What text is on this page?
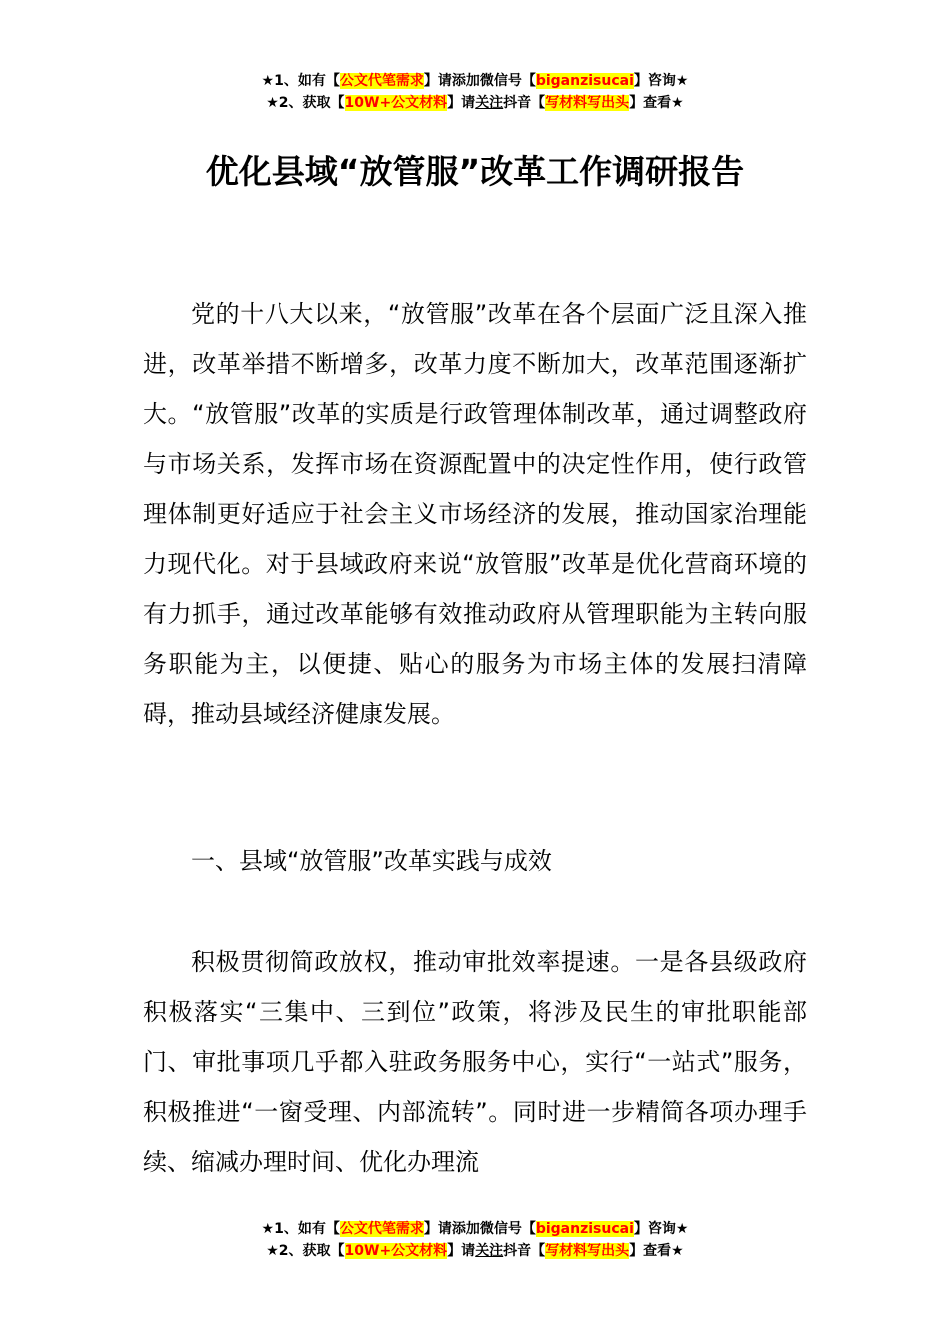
★1、如有【公文代笔需求】请添加微信号【biganzisucai】咨询★
★2、获取【10W+公文材料】请关注抖音【写材料写出头】查看★
优化县域“放管服”改革工作调研报告

党的十八大以来，“放管服”改革在各个层面广泛且深入推进，改革举措不断增多，改革力度不断加大，改革范围逐渐扩大。“放管服”改革的实质是行政管理体制改革，通过调整政府与市场关系，发挥市场在资源配置中的决定性作用，使行政管理体制更好适应于社会主义市场经济的发展，推动国家治理能力现代化。对于县域政府来说“放管服”改革是优化营商环境的有力抓手，通过改革能够有效推动政府从管理职能为主转向服务职能为主，以便捷、贴心的服务为市场主体的发展扫清障碍，推动县域经济健康发展。

一、县域“放管服”改革实践与成效

积极贯彻简政放权，推动审批效率提速。一是各县级政府积极落实“三集中、三到位”政策，将涉及民生的审批职能部门、审批事项几乎都入驻政务服务中心，实行“一站式”服务，积极推进“一窗受理、内部流转”。同时进一步精简各项办理手续、缩减办理时间、优化办理流

★1、如有【公文代笔需求】请添加微信号【biganzisucai】咨询★
★2、获取【10W+公文材料】请关注抖音【写材料写出头】查看★
